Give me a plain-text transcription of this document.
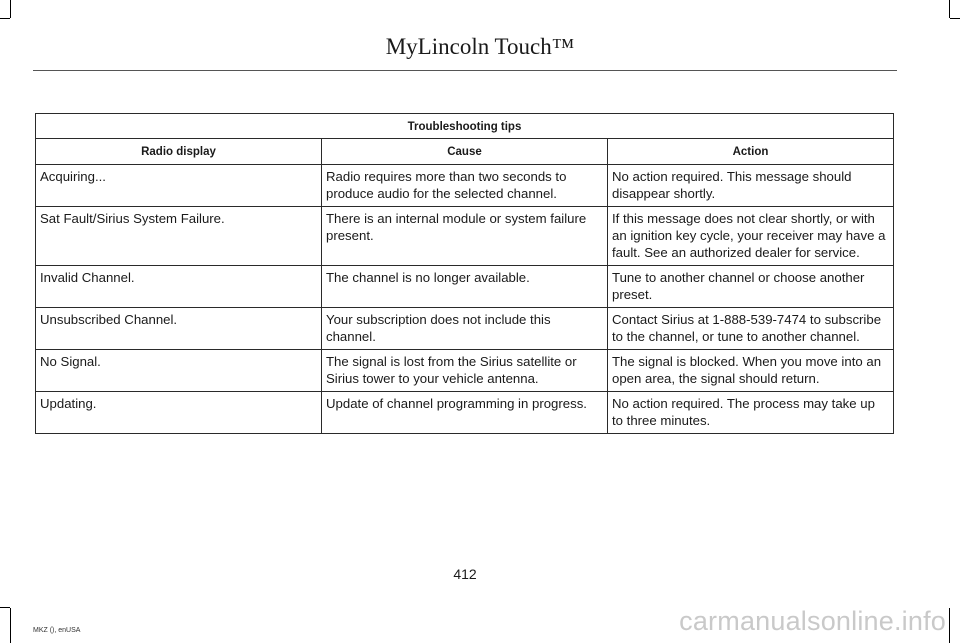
MyLincoln Touch™
Troubleshooting tips		
Radio display	Cause	Action
Acquiring...	Radio requires more than two seconds to produce audio for the selected channel.	No action required. This message should disappear shortly.
Sat Fault/Sirius System Failure.	There is an internal module or system failure present.	If this message does not clear shortly, or with an ignition key cycle, your receiver may have a fault. See an authorized dealer for service.
Invalid Channel.	The channel is no longer available.	Tune to another channel or choose another preset.
Unsubscribed Channel.	Your subscription does not include this channel.	Contact Sirius at 1-888-539-7474 to subscribe to the channel, or tune to another channel.
No Signal.	The signal is lost from the Sirius satellite or Sirius tower to your vehicle antenna.	The signal is blocked. When you move into an open area, the signal should return.
Updating.	Update of channel programming in progress.	No action required. The process may take up to three minutes.
412
MKZ (), enUSA	carmanualsonline.info
